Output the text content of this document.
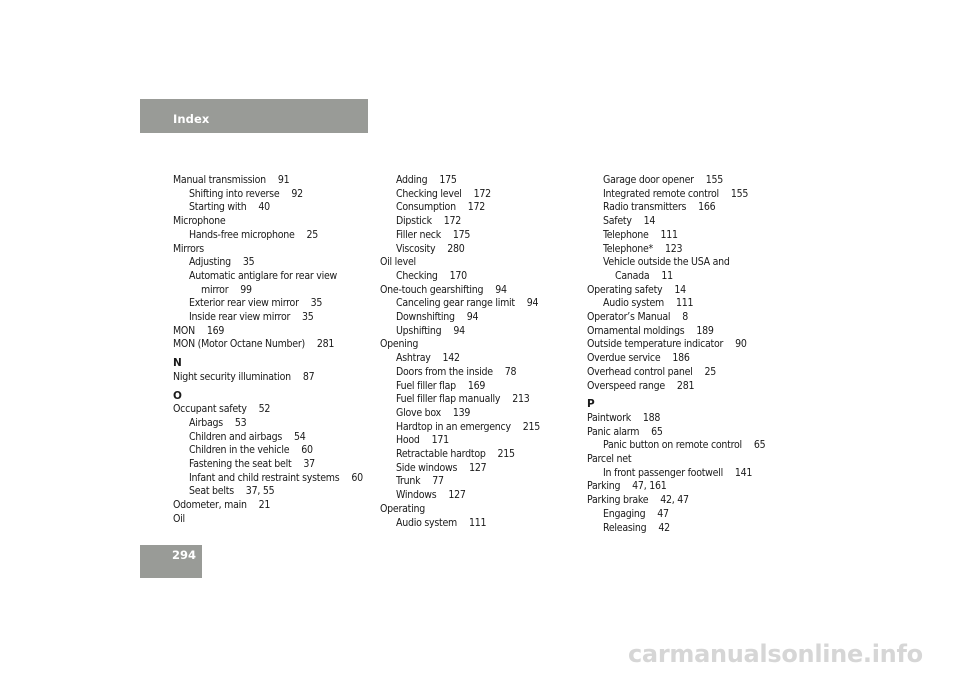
Index
Manual transmission  91
Shifting into reverse  92
Starting with  40
Microphone
Hands-free microphone  25
Mirrors
Adjusting  35
Automatic antiglare for rear view
mirror  99
Exterior rear view mirror  35
Inside rear view mirror  35
MON  169
MON (Motor Octane Number)  281
N
Night security illumination  87
O
Occupant safety  52
Airbags  53
Children and airbags  54
Children in the vehicle  60
Fastening the seat belt  37
Infant and child restraint systems  60
Seat belts  37, 55
Odometer, main  21
Oil
Adding  175
Checking level  172
Consumption  172
Dipstick  172
Filler neck  175
Viscosity  280
Oil level
Checking  170
One-touch gearshifting  94
Canceling gear range limit  94
Downshifting  94
Upshifting  94
Opening
Ashtray  142
Doors from the inside  78
Fuel filler flap  169
Fuel filler flap manually  213
Glove box  139
Hardtop in an emergency  215
Hood  171
Retractable hardtop  215
Side windows  127
Trunk  77
Windows  127
Operating
Audio system  111
Garage door opener  155
Integrated remote control  155
Radio transmitters  166
Safety  14
Telephone  111
Telephone*  123
Vehicle outside the USA and
Canada  11
Operating safety  14
Audio system  111
Operator’s Manual  8
Ornamental moldings  189
Outside temperature indicator  90
Overdue service  186
Overhead control panel  25
Overspeed range  281
P
Paintwork  188
Panic alarm  65
Panic button on remote control  65
Parcel net
In front passenger footwell  141
Parking  47, 161
Parking brake  42, 47
Engaging  47
Releasing  42
294
carmanualsonline.info
